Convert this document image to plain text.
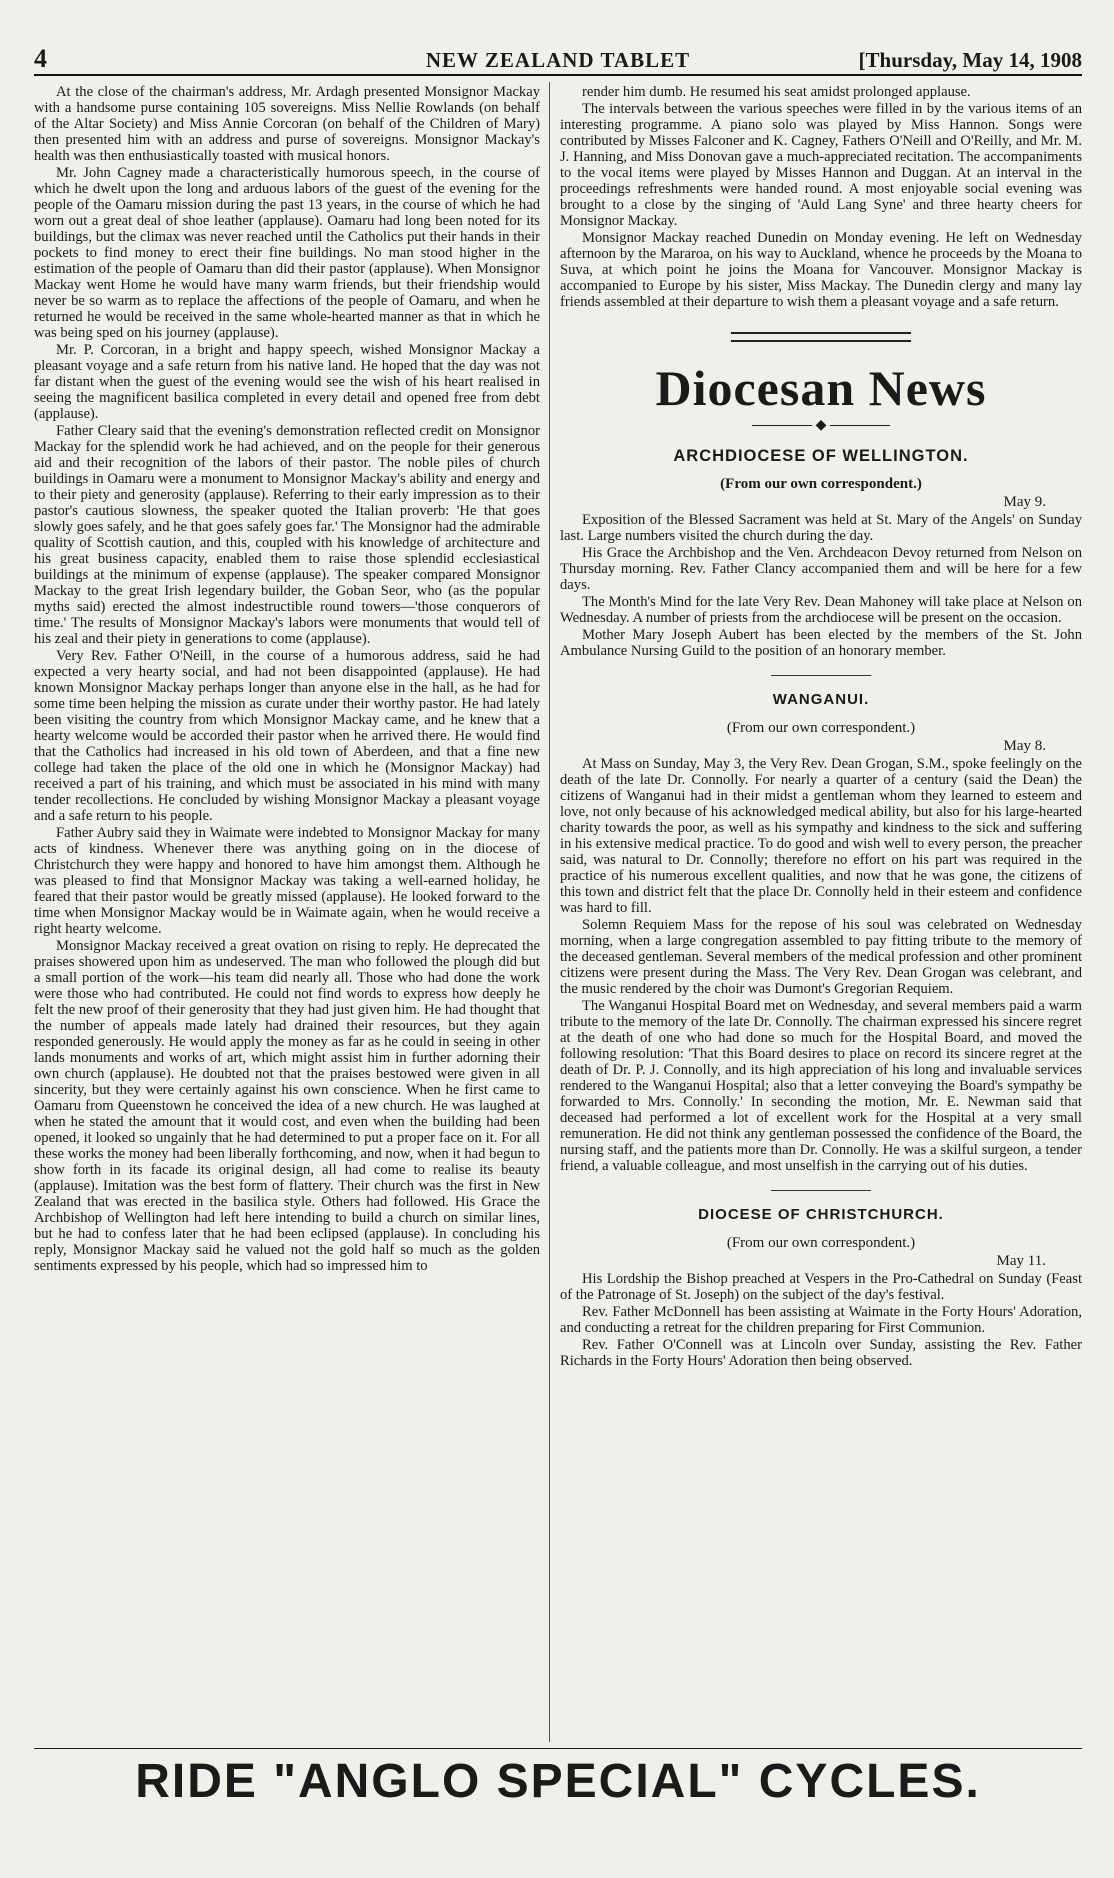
4	NEW ZEALAND TABLET	[Thursday, May 14, 1908

At the close of the chairman's address, Mr. Ardagh presented Monsignor Mackay with a handsome purse containing 105 sovereigns. Miss Nellie Rowlands (on behalf of the Altar Society) and Miss Annie Corcoran (on behalf of the Children of Mary) then presented him with an address and purse of sovereigns. Monsignor Mackay's health was then enthusiastically toasted with musical honors.

Mr. John Cagney made a characteristically humorous speech, in the course of which he dwelt upon the long and arduous labors of the guest of the evening for the people of the Oamaru mission during the past 13 years, in the course of which he had worn out a great deal of shoe leather (applause). Oamaru had long been noted for its buildings, but the climax was never reached until the Catholics put their hands in their pockets to find money to erect their fine buildings. No man stood higher in the estimation of the people of Oamaru than did their pastor (applause). When Monsignor Mackay went Home he would have many warm friends, but their friendship would never be so warm as to replace the affections of the people of Oamaru, and when he returned he would be received in the same whole-hearted manner as that in which he was being sped on his journey (applause).

Mr. P. Corcoran, in a bright and happy speech, wished Monsignor Mackay a pleasant voyage and a safe return from his native land. He hoped that the day was not far distant when the guest of the evening would see the wish of his heart realised in seeing the magnificent basilica completed in every detail and opened free from debt (applause).

Father Cleary said that the evening's demonstration reflected credit on Monsignor Mackay for the splendid work he had achieved, and on the people for their generous aid and their recognition of the labors of their pastor. The noble piles of church buildings in Oamaru were a monument to Monsignor Mackay's ability and energy and to their piety and generosity (applause). Referring to their early impression as to their pastor's cautious slowness, the speaker quoted the Italian proverb: 'He that goes slowly goes safely, and he that goes safely goes far.' The Monsignor had the admirable quality of Scottish caution, and this, coupled with his knowledge of architecture and his great business capacity, enabled them to raise those splendid ecclesiastical buildings at the minimum of expense (applause). The speaker compared Monsignor Mackay to the great Irish legendary builder, the Goban Seor, who (as the popular myths said) erected the almost indestructible round towers—'those conquerors of time.' The results of Monsignor Mackay's labors were monuments that would tell of his zeal and their piety in generations to come (applause).

Very Rev. Father O'Neill, in the course of a humorous address, said he had expected a very hearty social, and had not been disappointed (applause). He had known Monsignor Mackay perhaps longer than anyone else in the hall, as he had for some time been helping the mission as curate under their worthy pastor. He had lately been visiting the country from which Monsignor Mackay came, and he knew that a hearty welcome would be accorded their pastor when he arrived there. He would find that the Catholics had increased in his old town of Aberdeen, and that a fine new college had taken the place of the old one in which he (Monsignor Mackay) had received a part of his training, and which must be associated in his mind with many tender recollections. He concluded by wishing Monsignor Mackay a pleasant voyage and a safe return to his people.

Father Aubry said they in Waimate were indebted to Monsignor Mackay for many acts of kindness. Whenever there was anything going on in the diocese of Christchurch they were happy and honored to have him amongst them. Although he was pleased to find that Monsignor Mackay was taking a well-earned holiday, he feared that their pastor would be greatly missed (applause). He looked forward to the time when Monsignor Mackay would be in Waimate again, when he would receive a right hearty welcome.

Monsignor Mackay received a great ovation on rising to reply. He deprecated the praises showered upon him as undeserved. The man who followed the plough did but a small portion of the work—his team did nearly all. Those who had done the work were those who had contributed. He could not find words to express how deeply he felt the new proof of their generosity that they had just given him. He had thought that the number of appeals made lately had drained their resources, but they again responded generously. He would apply the money as far as he could in seeing in other lands monuments and works of art, which might assist him in further adorning their own church (applause). He doubted not that the praises bestowed were given in all sincerity, but they were certainly against his own conscience. When he first came to Oamaru from Queenstown he conceived the idea of a new church. He was laughed at when he stated the amount that it would cost, and even when the building had been opened, it looked so ungainly that he had determined to put a proper face on it. For all these works the money had been liberally forthcoming, and now, when it had begun to show forth in its facade its original design, all had come to realise its beauty (applause). Imitation was the best form of flattery. Their church was the first in New Zealand that was erected in the basilica style. Others had followed. His Grace the Archbishop of Wellington had left here intending to build a church on similar lines, but he had to confess later that he had been eclipsed (applause). In concluding his reply, Monsignor Mackay said he valued not the gold half so much as the golden sentiments expressed by his people, which had so impressed him to

render him dumb. He resumed his seat amidst prolonged applause.

The intervals between the various speeches were filled in by the various items of an interesting programme. A piano solo was played by Miss Hannon. Songs were contributed by Misses Falconer and K. Cagney, Fathers O'Neill and O'Reilly, and Mr. M. J. Hanning, and Miss Donovan gave a much-appreciated recitation. The accompaniments to the vocal items were played by Misses Hannon and Duggan. At an interval in the proceedings refreshments were handed round. A most enjoyable social evening was brought to a close by the singing of 'Auld Lang Syne' and three hearty cheers for Monsignor Mackay.

Monsignor Mackay reached Dunedin on Monday evening. He left on Wednesday afternoon by the Mararoa, on his way to Auckland, whence he proceeds by the Moana to Suva, at which point he joins the Moana for Vancouver. Monsignor Mackay is accompanied to Europe by his sister, Miss Mackay. The Dunedin clergy and many lay friends assembled at their departure to wish them a pleasant voyage and a safe return.

Diocesan News
◆
ARCHDIOCESE OF WELLINGTON.
(From our own correspondent.)
May 9.

Exposition of the Blessed Sacrament was held at St. Mary of the Angels' on Sunday last. Large numbers visited the church during the day.

His Grace the Archbishop and the Ven. Archdeacon Devoy returned from Nelson on Thursday morning. Rev. Father Clancy accompanied them and will be here for a few days.

The Month's Mind for the late Very Rev. Dean Mahoney will take place at Nelson on Wednesday. A number of priests from the archdiocese will be present on the occasion.

Mother Mary Joseph Aubert has been elected by the members of the St. John Ambulance Nursing Guild to the position of an honorary member.

WANGANUI.
(From our own correspondent.)
May 8.

At Mass on Sunday, May 3, the Very Rev. Dean Grogan, S.M., spoke feelingly on the death of the late Dr. Connolly. For nearly a quarter of a century (said the Dean) the citizens of Wanganui had in their midst a gentleman whom they learned to esteem and love, not only because of his acknowledged medical ability, but also for his large-hearted charity towards the poor, as well as his sympathy and kindness to the sick and suffering in his extensive medical practice. To do good and wish well to every person, the preacher said, was natural to Dr. Connolly; therefore no effort on his part was required in the practice of his numerous excellent qualities, and now that he was gone, the citizens of this town and district felt that the place Dr. Connolly held in their esteem and confidence was hard to fill.

Solemn Requiem Mass for the repose of his soul was celebrated on Wednesday morning, when a large congregation assembled to pay fitting tribute to the memory of the deceased gentleman. Several members of the medical profession and other prominent citizens were present during the Mass. The Very Rev. Dean Grogan was celebrant, and the music rendered by the choir was Dumont's Gregorian Requiem.

The Wanganui Hospital Board met on Wednesday, and several members paid a warm tribute to the memory of the late Dr. Connolly. The chairman expressed his sincere regret at the death of one who had done so much for the Hospital Board, and moved the following resolution: 'That this Board desires to place on record its sincere regret at the death of Dr. P. J. Connolly, and its high appreciation of his long and invaluable services rendered to the Wanganui Hospital; also that a letter conveying the Board's sympathy be forwarded to Mrs. Connolly.' In seconding the motion, Mr. E. Newman said that deceased had performed a lot of excellent work for the Hospital at a very small remuneration. He did not think any gentleman possessed the confidence of the Board, the nursing staff, and the patients more than Dr. Connolly. He was a skilful surgeon, a tender friend, a valuable colleague, and most unselfish in the carrying out of his duties.

DIOCESE OF CHRISTCHURCH.
(From our own correspondent.)
May 11.

His Lordship the Bishop preached at Vespers in the Pro-Cathedral on Sunday (Feast of the Patronage of St. Joseph) on the subject of the day's festival.

Rev. Father McDonnell has been assisting at Waimate in the Forty Hours' Adoration, and conducting a retreat for the children preparing for First Communion.

Rev. Father O'Connell was at Lincoln over Sunday, assisting the Rev. Father Richards in the Forty Hours' Adoration then being observed.

RIDE "ANGLO SPECIAL" CYCLES.
